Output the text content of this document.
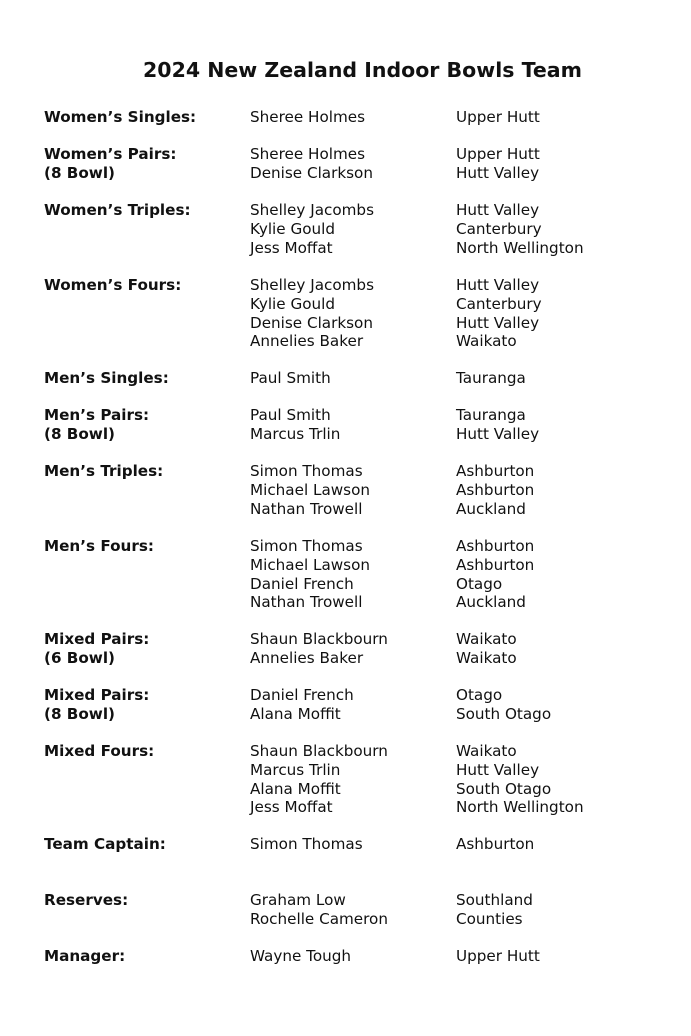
2024 New Zealand Indoor Bowls Team
Women’s Singles:	Sheree Holmes	Upper Hutt
Women’s Pairs:
(8 Bowl)
Sheree Holmes	Upper Hutt
Denise Clarkson	Hutt Valley
Women’s Triples:	Shelley Jacombs	Hutt Valley
Kylie Gould	Canterbury
Jess Moffat	North Wellington
Women’s Fours:	Shelley Jacombs	Hutt Valley
Kylie Gould	Canterbury
Denise Clarkson	Hutt Valley
Annelies Baker	Waikato
Men’s Singles:	Paul Smith	Tauranga
Men’s Pairs:
(8 Bowl)
Paul Smith	Tauranga
Marcus Trlin	Hutt Valley
Men’s Triples:	Simon Thomas	Ashburton
Michael Lawson	Ashburton
Nathan Trowell	Auckland
Men’s Fours:	Simon Thomas	Ashburton
Michael Lawson	Ashburton
Daniel French	Otago
Nathan Trowell	Auckland
Mixed Pairs:
(6 Bowl)
Shaun Blackbourn	Waikato
Annelies Baker	Waikato
Mixed Pairs:
(8 Bowl)
Daniel French	Otago
Alana Moffit	South Otago
Mixed Fours:	Shaun Blackbourn	Waikato
Marcus Trlin	Hutt Valley
Alana Moffit	South Otago
Jess Moffat	North Wellington
Team Captain:	Simon Thomas	Ashburton
Reserves:	Graham Low	Southland
Rochelle Cameron	Counties
Manager:	Wayne Tough	Upper Hutt
